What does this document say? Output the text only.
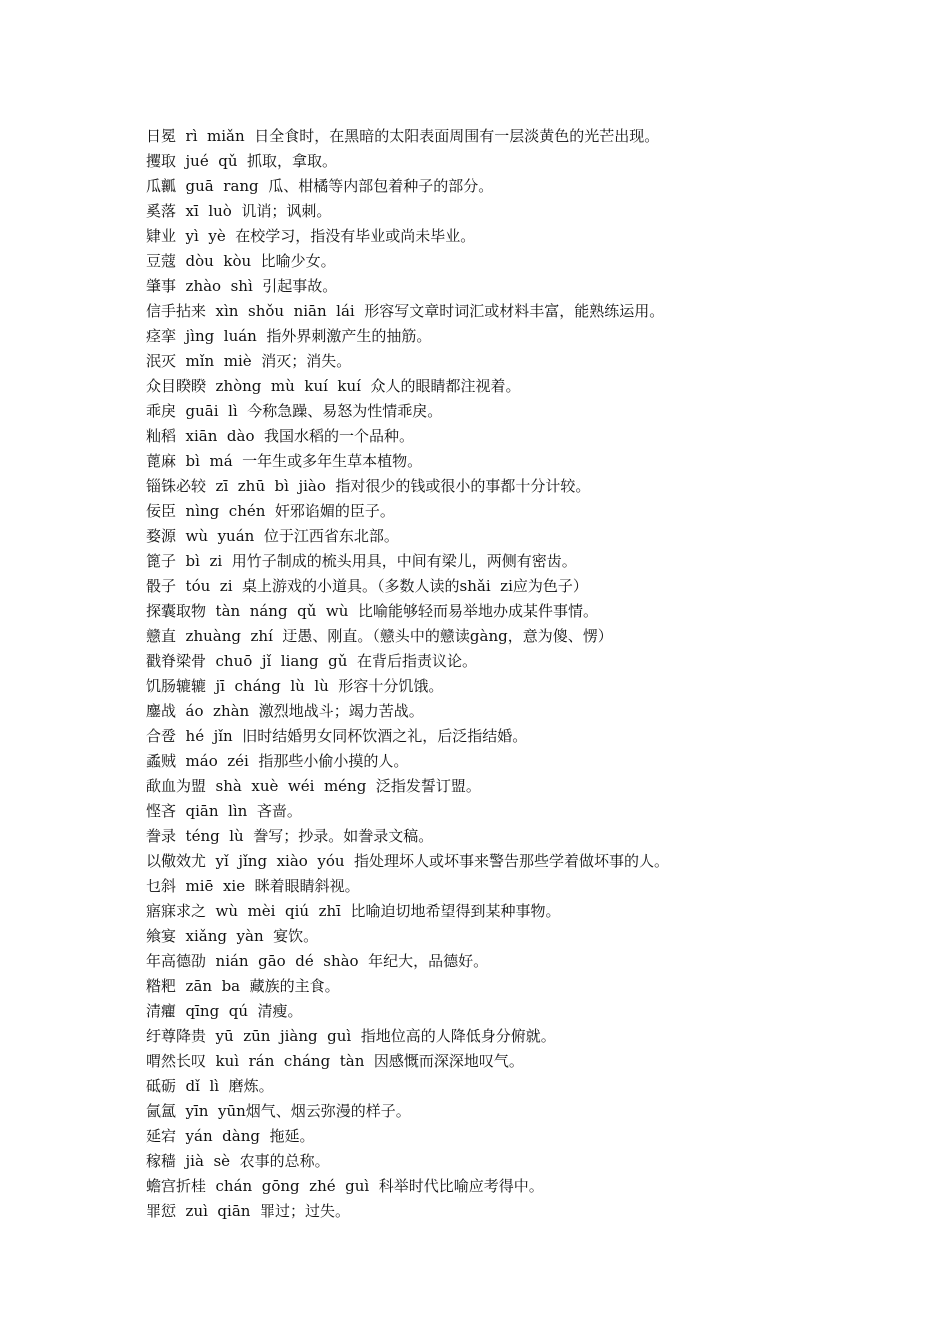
日冕  rì  miǎn  日全食时，在黑暗的太阳表面周围有一层淡黄色的光芒出现。
攫取  jué  qǔ  抓取，拿取。
瓜瓤  guā  rang  瓜、柑橘等内部包着种子的部分。
奚落  xī  luò  讥诮；讽刺。
肄业  yì  yè  在校学习，指没有毕业或尚未毕业。
豆蔻  dòu  kòu  比喻少女。
肇事  zhào  shì  引起事故。
信手拈来  xìn  shǒu  niān  lái  形容写文章时词汇或材料丰富，能熟练运用。
痉挛  jìng  luán  指外界刺激产生的抽筋。
泯灭  mǐn  miè  消灭；消失。
众目睽睽  zhòng  mù  kuí  kuí  众人的眼睛都注视着。
乖戾  guāi  lì  今称急躁、易怒为性情乖戾。
籼稻  xiān  dào  我国水稻的一个品种。
蓖麻  bì  má  一年生或多年生草本植物。
锱铢必较  zī  zhū  bì  jiào  指对很少的钱或很小的事都十分计较。
佞臣  nìng  chén  奸邪谄媚的臣子。
婺源  wù  yuán  位于江西省东北部。
篦子  bì  zi  用竹子制成的梳头用具，中间有梁儿，两侧有密齿。
骰子  tóu  zi  桌上游戏的小道具。（多数人读的shǎi  zi应为色子）
探囊取物  tàn  náng  qǔ  wù  比喻能够轻而易举地办成某件事情。
戆直  zhuàng  zhí  迂愚、刚直。（戆头中的戆读gàng，意为傻、愣）
戳脊梁骨  chuō  jǐ  liang  gǔ  在背后指责议论。
饥肠辘辘  jī  cháng  lù  lù  形容十分饥饿。
鏖战  áo  zhàn  激烈地战斗；竭力苦战。
合卺  hé  jǐn  旧时结婚男女同杯饮酒之礼，后泛指结婚。
蟊贼  máo  zéi  指那些小偷小摸的人。
歃血为盟  shà  xuè  wéi  méng  泛指发誓订盟。
悭吝  qiān  lìn  吝啬。
誊录  téng  lù  誊写；抄录。如誊录文稿。
以儆效尤  yǐ  jǐng  xiào  yóu  指处理坏人或坏事来警告那些学着做坏事的人。
乜斜  miē  xie  眯着眼睛斜视。
寤寐求之  wù  mèi  qiú  zhī  比喻迫切地希望得到某种事物。
飨宴  xiǎng  yàn  宴饮。
年高德劭  nián  gāo  dé  shào  年纪大，品德好。
糌粑  zān  ba  藏族的主食。
清癯  qīng  qú  清瘦。
纡尊降贵  yū  zūn  jiàng  guì  指地位高的人降低身分俯就。
喟然长叹  kuì  rán  cháng  tàn  因感慨而深深地叹气。
砥砺  dǐ  lì  磨炼。
氤氲  yīn  yūn烟气、烟云弥漫的样子。
延宕  yán  dàng  拖延。
稼穑  jià  sè  农事的总称。
蟾宫折桂  chán  gōng  zhé  guì  科举时代比喻应考得中。
罪愆  zuì  qiān  罪过；过失。
